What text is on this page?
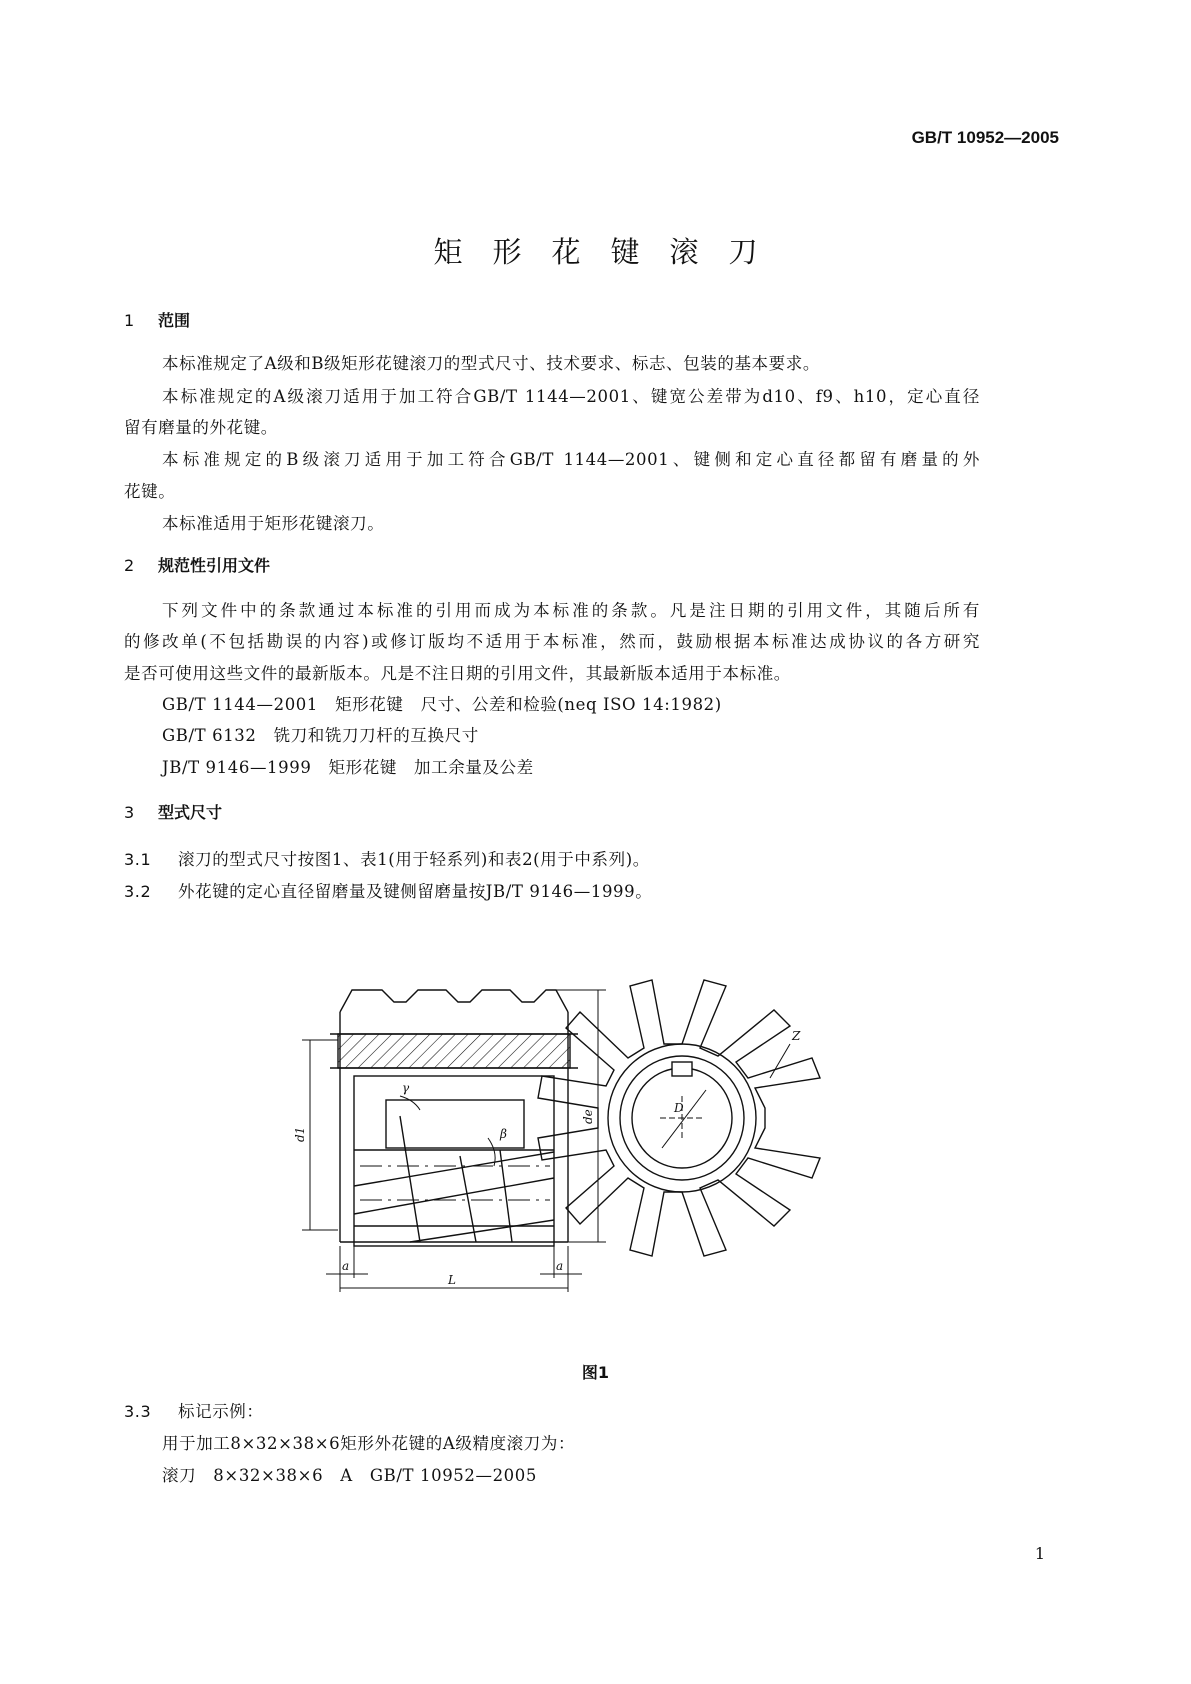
GB/T 10952—2005
矩形花键滚刀
1 范围
本标准规定了A级和B级矩形花键滚刀的型式尺寸、技术要求、标志、包装的基本要求。
本标准规定的A级滚刀适用于加工符合GB/T 1144—2001、键宽公差带为d10、f9、h10，定心直径
留有磨量的外花键。
本标准规定的B级滚刀适用于加工符合GB/T 1144—2001、键侧和定心直径都留有磨量的外
花键。
本标准适用于矩形花键滚刀。
2 规范性引用文件
下列文件中的条款通过本标准的引用而成为本标准的条款。凡是注日期的引用文件，其随后所有
的修改单(不包括勘误的内容)或修订版均不适用于本标准，然而，鼓励根据本标准达成协议的各方研究
是否可使用这些文件的最新版本。凡是不注日期的引用文件，其最新版本适用于本标准。
GB/T 1144—2001　矩形花键　尺寸、公差和检验(neq ISO 14:1982)
GB/T 6132　铣刀和铣刀刀杆的互换尺寸
JB/T 9146—1999　矩形花键　加工余量及公差
3 型式尺寸
3.1 滚刀的型式尺寸按图1、表1(用于轻系列)和表2(用于中系列)。
3.2 外花键的定心直径留磨量及键侧留磨量按JB/T 9146—1999。
γ
β
d1
de
a	a
L
D
Z
图1
3.3 标记示例：
用于加工8×32×38×6矩形外花键的A级精度滚刀为：
滚刀　8×32×38×6　A　GB/T 10952—2005
1
